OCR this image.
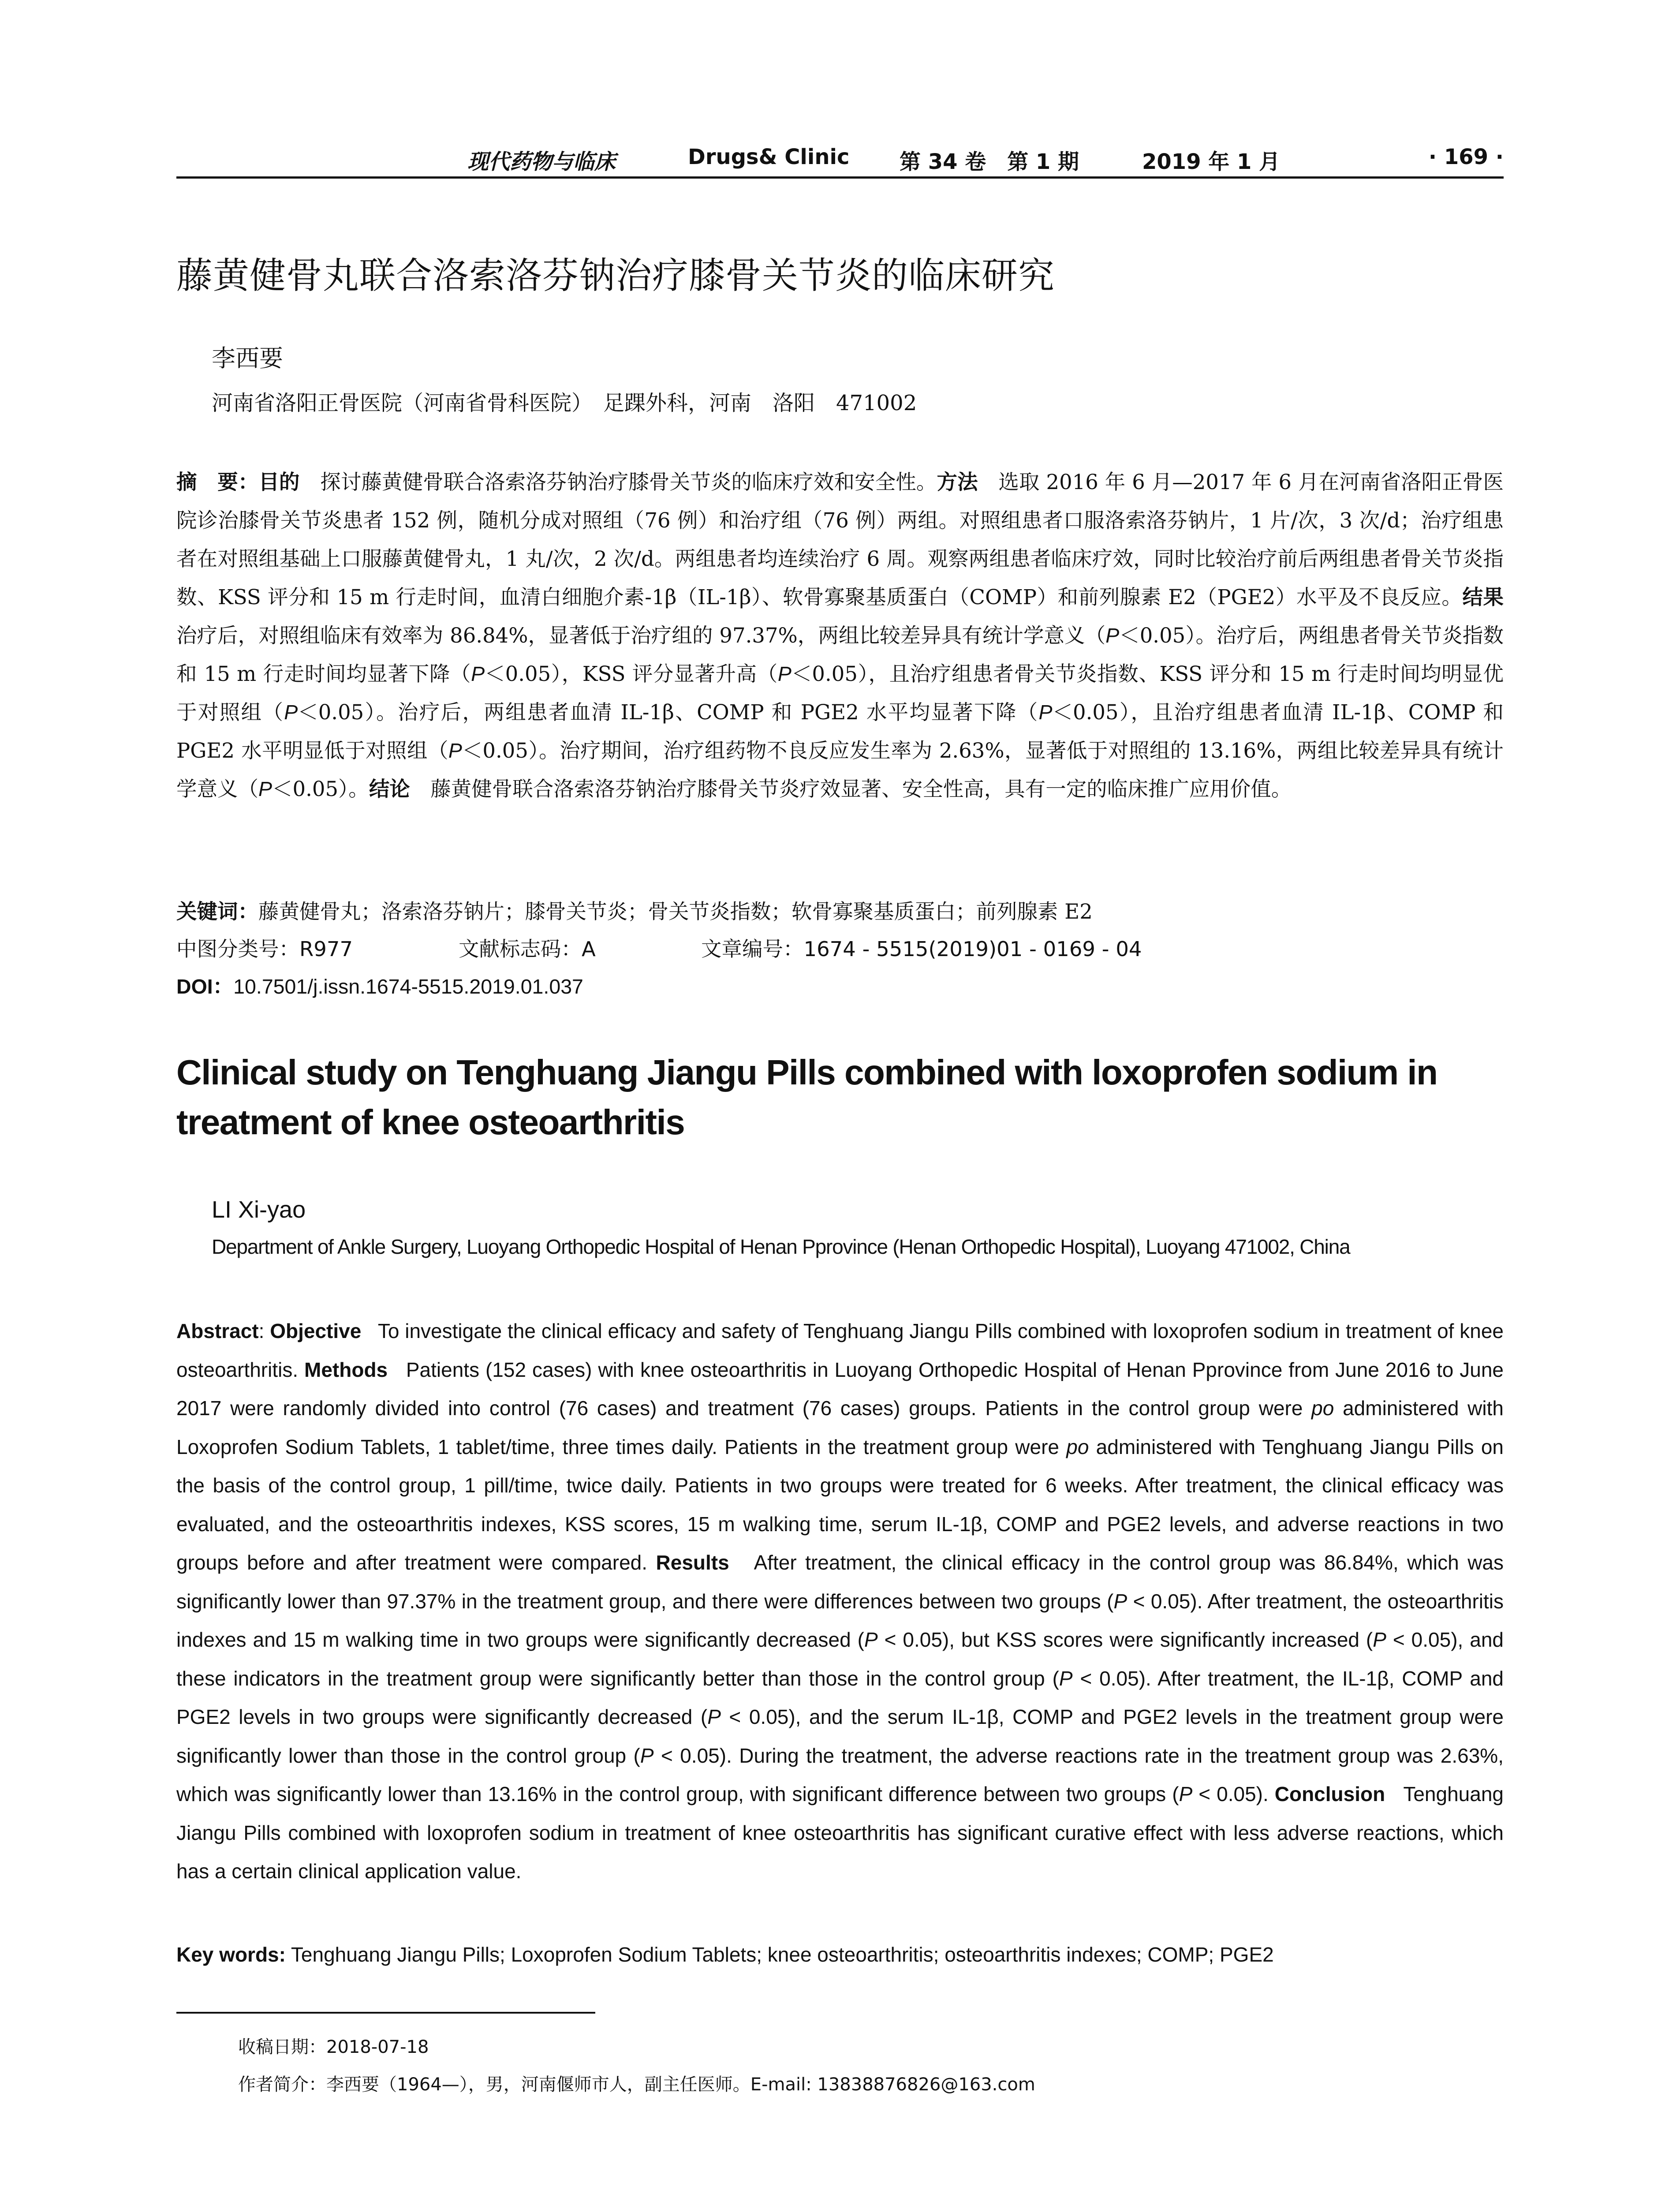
现代药物与临床	Drugs& Clinic 第 34 卷　第 1 期	2019 年 1 月	· 169 ·
藤黄健骨丸联合洛索洛芬钠治疗膝骨关节炎的临床研究
李西要
河南省洛阳正骨医院（河南省骨科医院）　足踝外科，河南　洛阳　471002
摘　要：目的　 探讨藤黄健骨联合洛索洛芬钠治疗膝骨关节炎的临床疗效和安全性。方法　 选取 2016 年 6 月—2017 年 6 月在河南省洛阳正骨医院诊治膝骨关节炎患者 152 例，随机分成对照组（76 例）和治疗组（76 例）两组。对照组患者口服洛索洛芬钠片，1 片/次，3 次/d；治疗组患者在对照组基础上口服藤黄健骨丸，1 丸/次，2 次/d。两组患者均连续治疗 6 周。观察两组患者临床疗效，同时比较治疗前后两组患者骨关节炎指数、KSS 评分和 15 m 行走时间，血清白细胞介素-1β（IL-1β）、软骨寡聚基质蛋白（COMP）和前列腺素 E2（PGE2）水平及不良反应。结果　治疗后，对照组临床有效率为 86.84%，显著低于治疗组的 97.37%，两组比较差异具有统计学意义（P＜0.05）。治疗后，两组患者骨关节炎指数和 15 m 行走时间均显著下降（P＜0.05），KSS 评分显著升高（P＜0.05），且治疗组患者骨关节炎指数、KSS 评分和 15 m 行走时间均明显优于对照组（P＜0.05）。治疗后，两组患者血清 IL-1β、COMP 和 PGE2 水平均显著下降（P＜0.05），且治疗组患者血清 IL-1β、COMP 和 PGE2 水平明显低于对照组（P＜0.05）。治疗期间，治疗组药物不良反应发生率为 2.63%，显著低于对照组的 13.16%，两组比较差异具有统计学意义（P＜0.05）。结论　 藤黄健骨联合洛索洛芬钠治疗膝骨关节炎疗效显著、安全性高，具有一定的临床推广应用价值。
关键词：藤黄健骨丸；洛索洛芬钠片；膝骨关节炎；骨关节炎指数；软骨寡聚基质蛋白；前列腺素 E2
中图分类号：R977	文献标志码：A	文章编号：1674 - 5515(2019)01 - 0169 - 04
DOI：10.7501/j.issn.1674-5515.2019.01.037
Clinical study on Tenghuang Jiangu Pills combined with loxoprofen sodium in treatment of knee osteoarthritis
LI Xi-yao
Department of Ankle Surgery, Luoyang Orthopedic Hospital of Henan Pprovince (Henan Orthopedic Hospital), Luoyang 471002, China
Abstract: Objective To investigate the clinical efficacy and safety of Tenghuang Jiangu Pills combined with loxoprofen sodium in treatment of knee osteoarthritis. Methods Patients (152 cases) with knee osteoarthritis in Luoyang Orthopedic Hospital of Henan Pprovince from June 2016 to June 2017 were randomly divided into control (76 cases) and treatment (76 cases) groups. Patients in the control group were po administered with Loxoprofen Sodium Tablets, 1 tablet/time, three times daily. Patients in the treatment group were po administered with Tenghuang Jiangu Pills on the basis of the control group, 1 pill/time, twice daily. Patients in two groups were treated for 6 weeks. After treatment, the clinical efficacy was evaluated, and the osteoarthritis indexes, KSS scores, 15 m walking time, serum IL-1β, COMP and PGE2 levels, and adverse reactions in two groups before and after treatment were compared. Results After treatment, the clinical efficacy in the control group was 86.84%, which was significantly lower than 97.37% in the treatment group, and there were differences between two groups (P < 0.05). After treatment, the osteoarthritis indexes and 15 m walking time in two groups were significantly decreased (P < 0.05), but KSS scores were significantly increased (P < 0.05), and these indicators in the treatment group were significantly better than those in the control group (P < 0.05). After treatment, the IL-1β, COMP and PGE2 levels in two groups were significantly decreased (P < 0.05), and the serum IL-1β, COMP and PGE2 levels in the treatment group were significantly lower than those in the control group (P < 0.05). During the treatment, the adverse reactions rate in the treatment group was 2.63%, which was significantly lower than 13.16% in the control group, with significant difference between two groups (P < 0.05). Conclusion Tenghuang Jiangu Pills combined with loxoprofen sodium in treatment of knee osteoarthritis has significant curative effect with less adverse reactions, which has a certain clinical application value.
Key words: Tenghuang Jiangu Pills; Loxoprofen Sodium Tablets; knee osteoarthritis; osteoarthritis indexes; COMP; PGE2
收稿日期：2018-07-18
作者简介：李西要（1964—），男，河南偃师市人，副主任医师。E-mail: 13838876826@163.com
